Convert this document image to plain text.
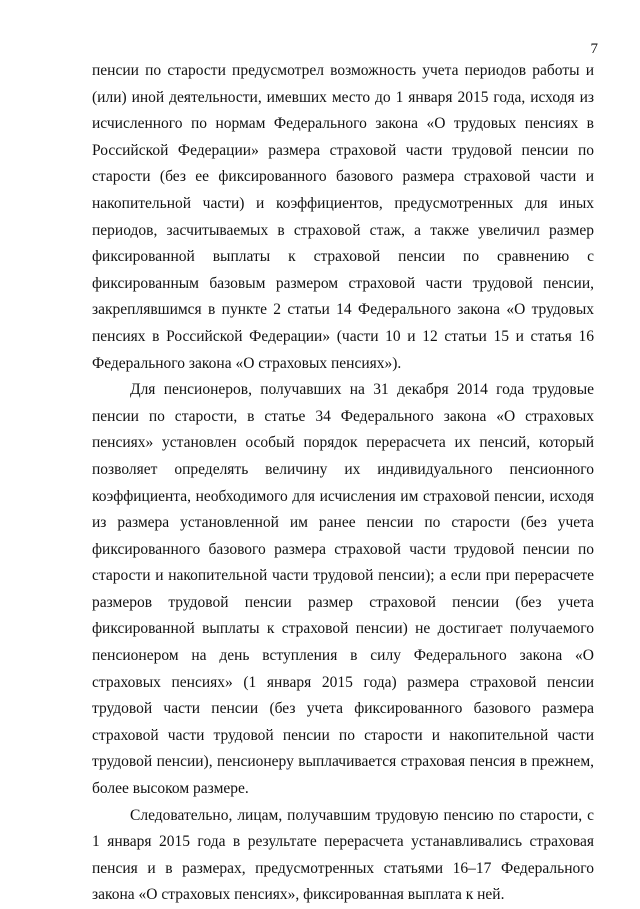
7

пенсии по старости предусмотрел возможность учета периодов работы и (или) иной деятельности, имевших место до 1 января 2015 года, исходя из исчисленного по нормам Федерального закона «О трудовых пенсиях в Российской Федерации» размера страховой части трудовой пенсии по старости (без ее фиксированного базового размера страховой части и накопительной части) и коэффициентов, предусмотренных для иных периодов, засчитываемых в страховой стаж, а также увеличил размер фиксированной выплаты к страховой пенсии по сравнению с фиксированным базовым размером страховой части трудовой пенсии, закреплявшимся в пункте 2 статьи 14 Федерального закона «О трудовых пенсиях в Российской Федерации» (части 10 и 12 статьи 15 и статья 16 Федерального закона «О страховых пенсиях»).

Для пенсионеров, получавших на 31 декабря 2014 года трудовые пенсии по старости, в статье 34 Федерального закона «О страховых пенсиях» установлен особый порядок перерасчета их пенсий, который позволяет определять величину их индивидуального пенсионного коэффициента, необходимого для исчисления им страховой пенсии, исходя из размера установленной им ранее пенсии по старости (без учета фиксированного базового размера страховой части трудовой пенсии по старости и накопительной части трудовой пенсии); а если при перерасчете размеров трудовой пенсии размер страховой пенсии (без учета фиксированной выплаты к страховой пенсии) не достигает получаемого пенсионером на день вступления в силу Федерального закона «О страховых пенсиях» (1 января 2015 года) размера страховой пенсии трудовой части пенсии (без учета фиксированного базового размера страховой части трудовой пенсии по старости и накопительной части трудовой пенсии), пенсионеру выплачивается страховая пенсия в прежнем, более высоком размере.

Следовательно, лицам, получавшим трудовую пенсию по старости, с 1 января 2015 года в результате перерасчета устанавливались страховая пенсия и в размерах, предусмотренных статьями 16–17 Федерального закона «О страховых пенсиях», фиксированная выплата к ней.
